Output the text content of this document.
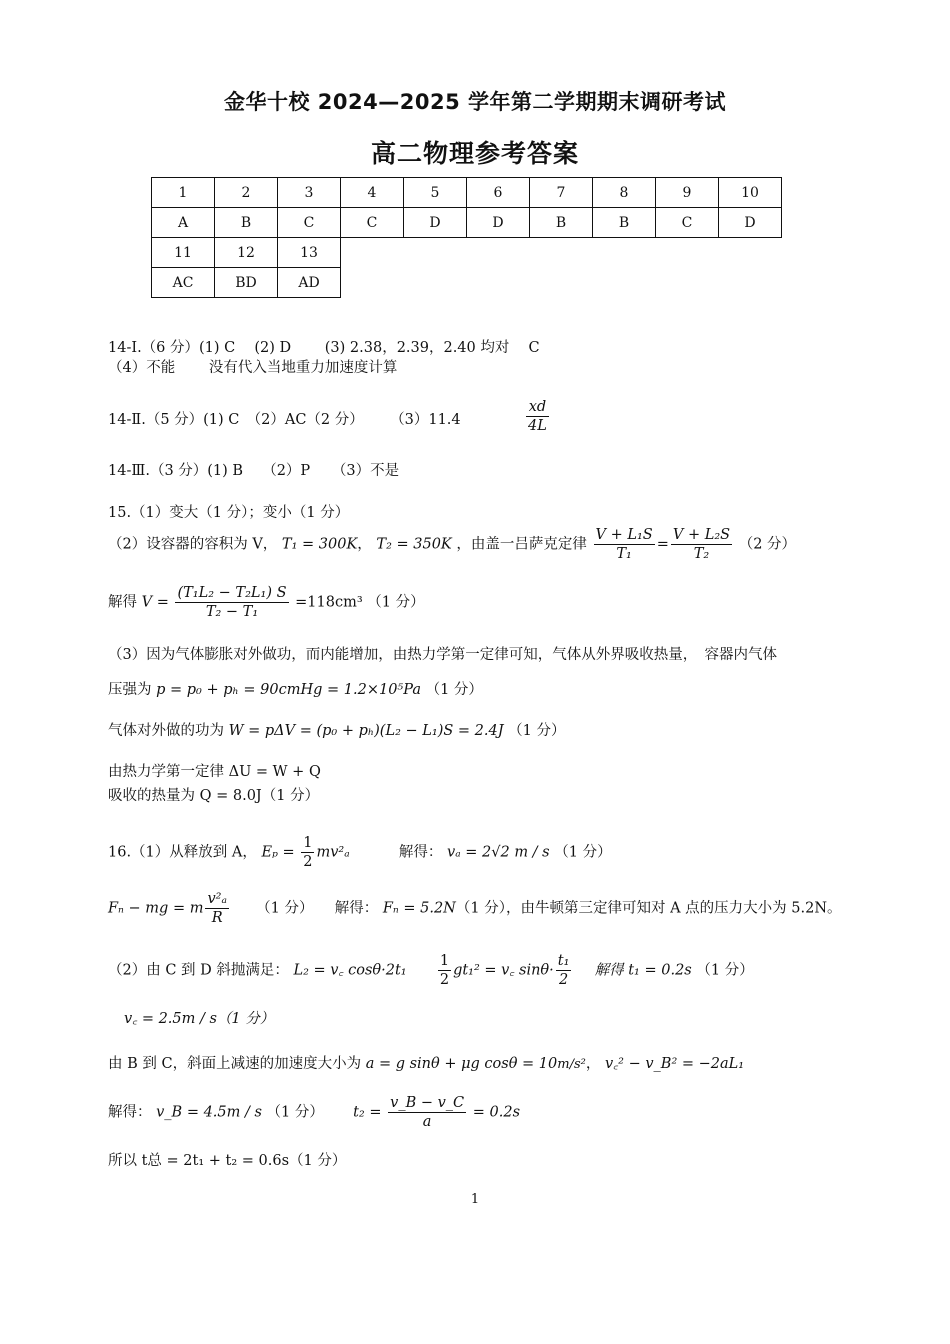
金华十校 2024—2025 学年第二学期期末调研考试
高二物理参考答案
1	2	3	4	5	6	7	8	9	10
A	B	C	C	D	D	B	B	C	D
11	12	13							
AC	BD	AD							
14-Ⅰ.（6 分）(1) C　 (2) D　　 (3) 2.38，2.39，2.40 均对　 C
（4）不能　　 没有代入当地重力加速度计算
14-Ⅱ.（5 分）(1) C　（2）AC（2 分）　　 （3）11.4	$\frac{xd}{4L}$
14-Ⅲ.（3 分）(1) B　 （2）P　　（3）不是
15.（1）变大（1 分）；变小（1 分）
（2）设容器的容积为 V， T₁ = 300K， T₂ = 350K ，由盖一吕萨克定律 $\frac{\text{V + L₁S}}{\text{T₁}} = \frac{\text{V + L₂S}}{\text{T₂}} (2$ 分）
解得 $V = \frac{\text{(T₁L₂ − T₂L₁) S}}{\text{T₂ − T₁}} =118cm^3$ （1 分）
（3）因为气体膨胀对外做功，而内能增加，由热力学第一定律可知，气体从外界吸收热量，　容器内气体
压强为 p = p₀ + pₕ = 90cmHg = 1.2×10⁵Pa （1 分）
气体对外做的功为 W = pΔV = (p₀ + pₕ)(L₂ − L₁)S = 2.4J （1 分）
由热力学第一定律 ΔU = W + Q
吸收的热量为 Q = 8.0J（1 分）
16.（1）从释放到 A， $E_p = \frac{1}{2} mv^2_a$	解得： vₐ = 2√2 m / s （1 分）
Fₙ − mg = m $\frac{\text{v²ₐ}}{R} (1$ 分） 解得： Fₙ = 5.2N（1 分），由牛顿第三定律可知对 A 点的压力大小为 5.2N。
（2）由 C 到 D 斜抛满足： L₂ = v꜀ $\cos\theta\cdot 2t_1 \frac{1}{2} gt_1^2$ = v꜀ $\sin\theta\cdot \frac{\text{t₁}}{2}$ 解得 t₁ = 0.2s （1 分）
v꜀ = 2.5m / s（1 分）
由 B 到 C，斜面上减速的加速度大小为 a = g sinθ + μg cosθ = 10m/s²， v꜀² − v_B² = −2aL₁
解得： v_B = 4.5m / s （1 分） $t_2 = \frac{v\_B - v\_C}{a} = 0.2s$
所以 t总 = 2t₁ + t₂ = 0.6s（1 分）
1
